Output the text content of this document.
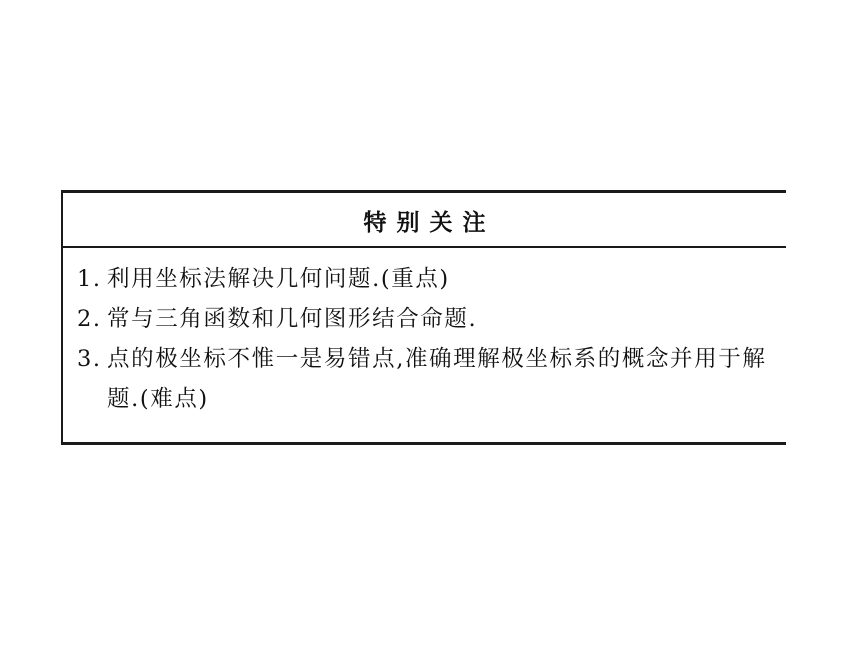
特别关注
1. 利用坐标法解决几何问题.(重点)
2. 常与三角函数和几何图形结合命题.
3. 点的极坐标不惟一是易错点,准确理解极坐标系的概念并用于解题.(难点)
